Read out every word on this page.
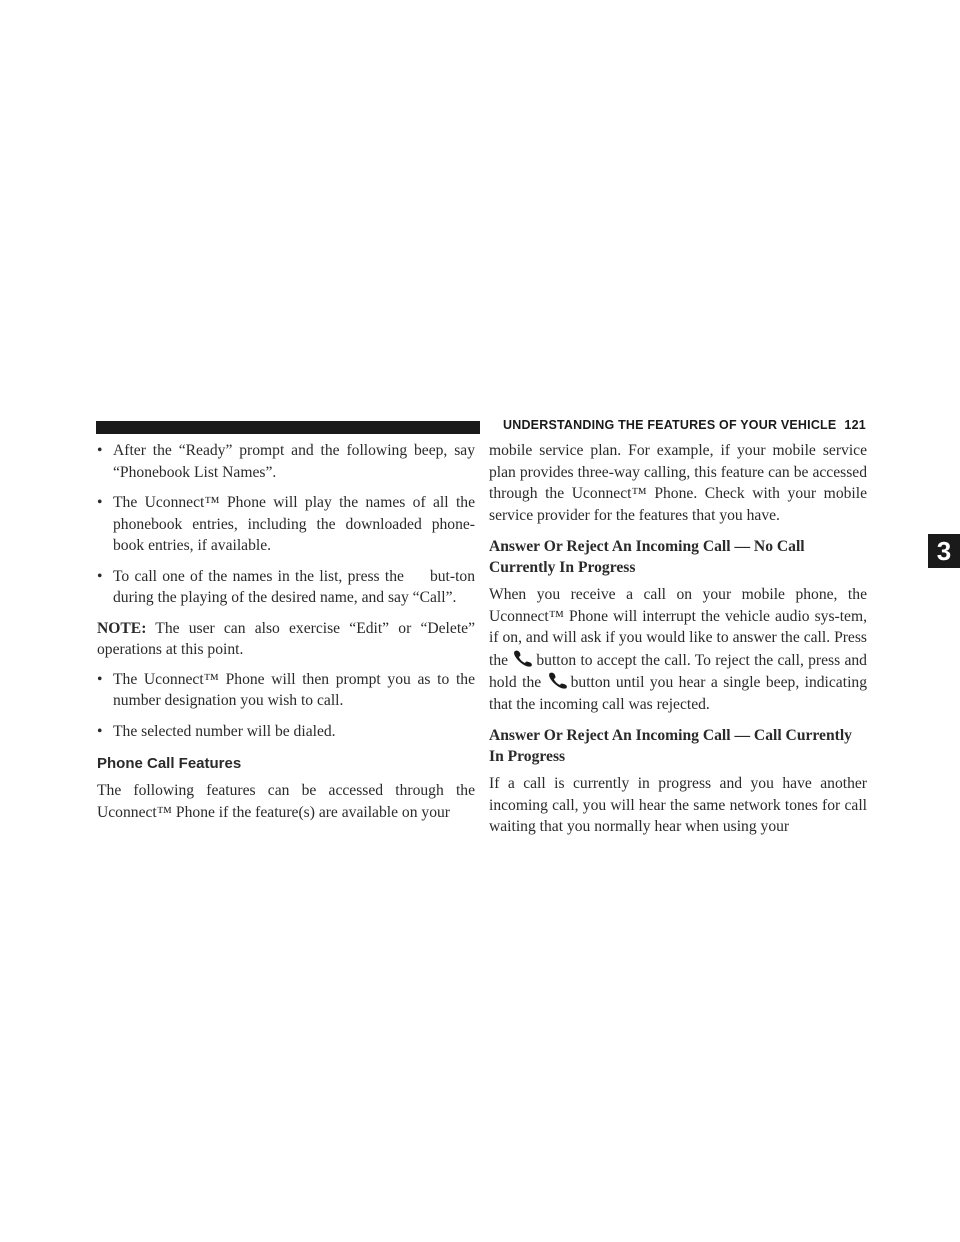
UNDERSTANDING THE FEATURES OF YOUR VEHICLE 121
3
• After the “Ready” prompt and the following beep, say “Phonebook List Names”.
• The Uconnect™ Phone will play the names of all the phonebook entries, including the downloaded phone-book entries, if available.
• To call one of the names in the list, press the but-ton during the playing of the desired name, and say “Call”.

NOTE: The user can also exercise “Edit” or “Delete” operations at this point.

• The Uconnect™ Phone will then prompt you as to the number designation you wish to call.
• The selected number will be dialed.
Phone Call Features

The following features can be accessed through the Uconnect™ Phone if the feature(s) are available on your

mobile service plan. For example, if your mobile service plan provides three-way calling, this feature can be accessed through the Uconnect™ Phone. Check with your mobile service provider for the features that you have.

Answer Or Reject An Incoming Call — No Call Currently In Progress

When you receive a call on your mobile phone, the Uconnect™ Phone will interrupt the vehicle audio sys-tem, if on, and will ask if you would like to answer the call. Press the button to accept the call. To reject the call, press and hold the button until you hear a single beep, indicating that the incoming call was rejected.

Answer Or Reject An Incoming Call — Call Currently In Progress

If a call is currently in progress and you have another incoming call, you will hear the same network tones for call waiting that you normally hear when using your
